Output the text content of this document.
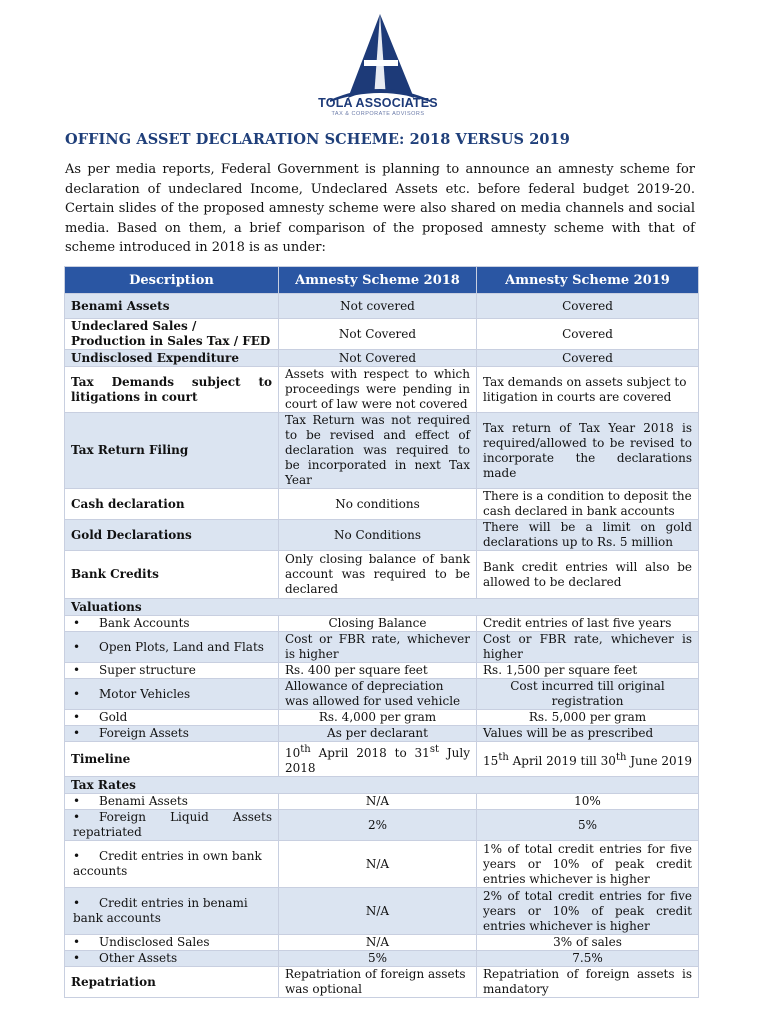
TOLA ASSOCIATES
TAX & CORPORATE ADVISORS
OFFING ASSET DECLARATION SCHEME: 2018 VERSUS 2019

As per media reports, Federal Government is planning to announce an amnesty scheme for declaration of undeclared Income, Undeclared Assets etc. before federal budget 2019-20. Certain slides of the proposed amnesty scheme were also shared on media channels and social media. Based on them, a brief comparison of the proposed amnesty scheme with that of scheme introduced in 2018 is as under:

Description	Amnesty Scheme 2018	Amnesty Scheme 2019
Benami Assets	Not covered	Covered
Undeclared Sales / Production in Sales Tax / FED	Not Covered	Covered
Undisclosed Expenditure	Not Covered	Covered
Tax Demands subject to litigations in court	Assets with respect to which proceedings were pending in court of law were not covered	Tax demands on assets subject to litigation in courts are covered
Tax Return Filing	Tax Return was not required to be revised and effect of declaration was required to be incorporated in next Tax Year	Tax return of Tax Year 2018 is required/allowed to be revised to incorporate the declarations made
Cash declaration	No conditions	There is a condition to deposit the cash declared in bank accounts
Gold Declarations	No Conditions	There will be a limit on gold declarations up to Rs. 5 million
Bank Credits	Only closing balance of bank account was required to be declared	Bank credit entries will also be allowed to be declared
Valuations		
• Bank Accounts	Closing Balance	Credit entries of last five years
• Open Plots, Land and Flats	Cost or FBR rate, whichever is higher	Cost or FBR rate, whichever is higher
• Super structure	Rs. 400 per square feet	Rs. 1,500 per square feet
• Motor Vehicles	Allowance of depreciation was allowed for used vehicle	Cost incurred till original registration
• Gold	Rs. 4,000 per gram	Rs. 5,000 per gram
• Foreign Assets	As per declarant	Values will be as prescribed
Timeline	10th April 2018 to 31st July 2018	15th April 2019 till 30th June 2019
Tax Rates		
• Benami Assets	N/A	10%
• Foreign Liquid Assets repatriated	2%	5%
• Credit entries in own bank accounts	N/A	1% of total credit entries for five years or 10% of peak credit entries whichever is higher
• Credit entries in benami bank accounts	N/A	2% of total credit entries for five years or 10% of peak credit entries whichever is higher
• Undisclosed Sales	N/A	3% of sales
• Other Assets	5%	7.5%
Repatriation	Repatriation of foreign assets was optional	Repatriation of foreign assets is mandatory
